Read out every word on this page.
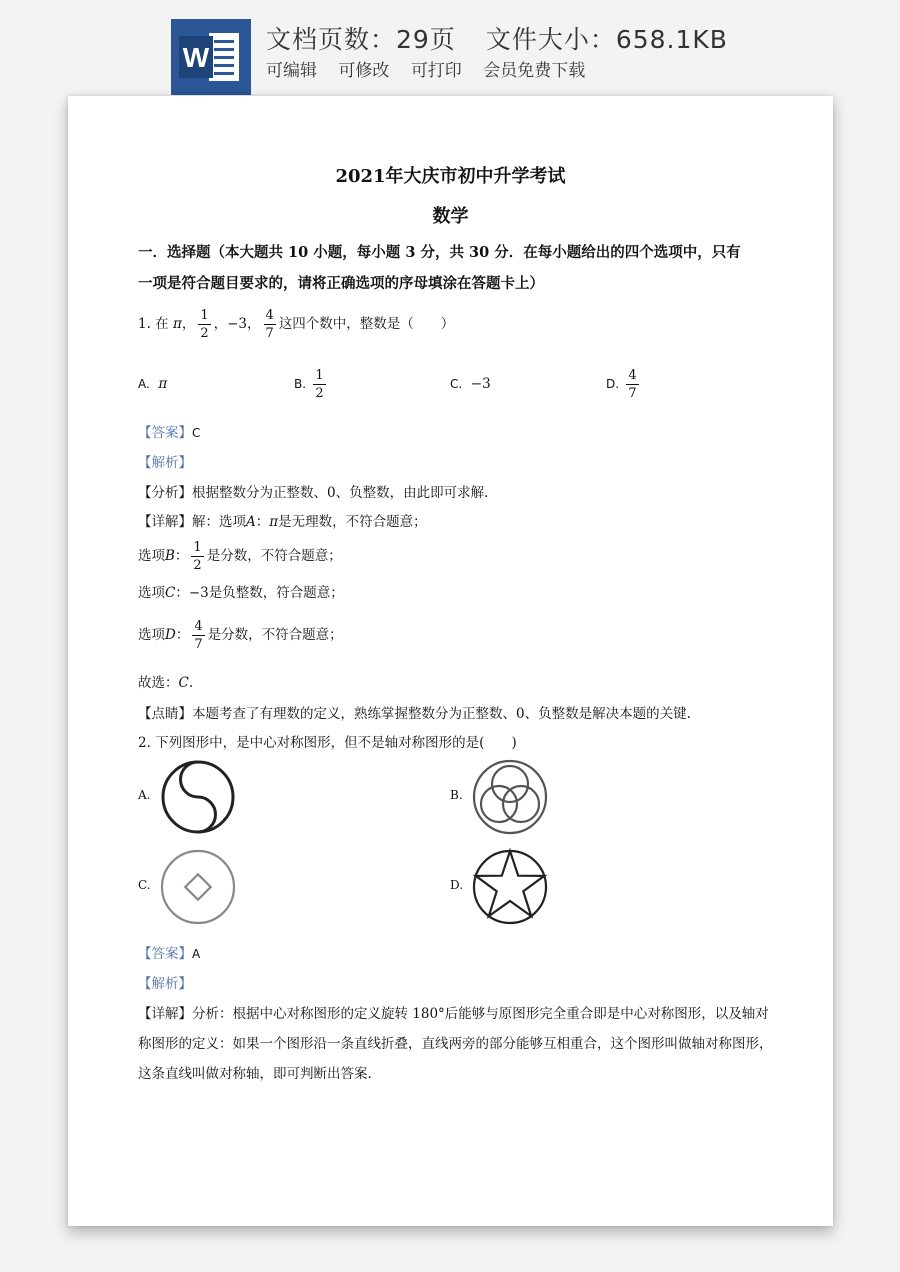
W
文档页数：29页 文件大小：658.1KB
可编辑 可修改 可打印 会员免费下载
2021年大庆市初中升学考试
数学
一．选择题（本大题共 10 小题，每小题 3 分，共 30 分．在每小题给出的四个选项中，只有
一项是符合题目要求的，请将正确选项的序母填涂在答题卡上）
1. 在 π， $\frac{1}{2}$ ，−3， $\frac{4}{7}$ 这四个数中，整数是（　　）
A. π	B. $\frac{1}{2}$	C. −3	D. $\frac{4}{7}$
【答案】C
【解析】
【分析】根据整数分为正整数、0、负整数，由此即可求解.
【详解】解：选项A：π是无理数，不符合题意；
选项B： $\frac{1}{2}$ 是分数，不符合题意；
选项C：−3是负整数，符合题意；
选项D： $\frac{4}{7}$ 是分数，不符合题意；
故选：C.
【点睛】本题考查了有理数的定义，熟练掌握整数分为正整数、0、负整数是解决本题的关键.
2. 下列图形中，是中心对称图形，但不是轴对称图形的是(　　)
A.	B.
C.	D.
【答案】A
【解析】
【详解】分析：根据中心对称图形的定义旋转 180°后能够与原图形完全重合即是中心对称图形，以及轴对
称图形的定义：如果一个图形沿一条直线折叠，直线两旁的部分能够互相重合，这个图形叫做轴对称图形，
这条直线叫做对称轴，即可判断出答案.
